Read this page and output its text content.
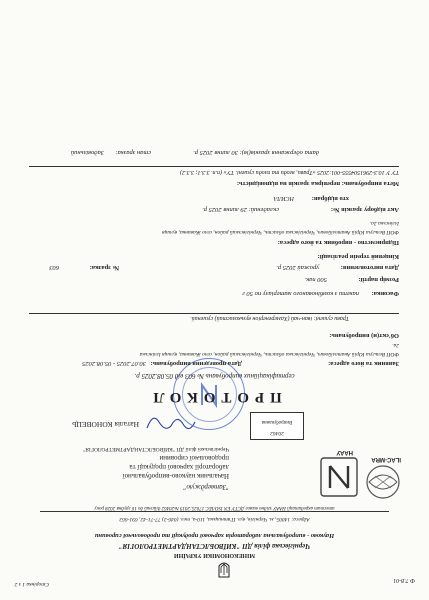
Ф 7.8-01
Сторінка 1 з 2
МІНЕКОНОМІКИ УКРАЇНИ
Чернігівська філія ДП "КИЇВОБЛСТАНДАРТМЕТРОЛОГІЯ"
Науково - випробувальна лабораторія харчової продукції та продовольчої сировини
Адреса: 14005, м. Чернігів, вул. П'ятницька, 110-а, тел. (046-2) 77-71-42, 691-663
атестат акредитації НААУ згідно вимог ДСТУ EN ISO/IEC 17025:2019 №20462 дійсний до 16 грудня 2028 року
ILAC-MRA
НААУ
"Затверджую"
Начальник науково-випробувальної
лабораторії харчової продукції та
продовольчої сировини
Чернігівської філії ДП "КИЇВОБЛСТАНДАРТМЕТРОЛОГІЯ"
20462
Випробування
Наталія КОНОВЕЦЬ
ПРОТОКОЛ
сертифікаційних випробувань № 603 від 05.08.2025 р.
Заявник та його адреса:
Дата проведення випробувань:
30.07.2025 - 05.08.2025
ФОП Вельгуш Юрій Анатолійович, Чернігівська область, Чернігівський район, село Жавинка, вулиця Іллінська
2а.
Об'єкт(и) випробувань:
Трави сушені: іван-чай (Хамеренеріон вузьколистий) сушений.
Фасовка:
пакети з комбінованого матеріалу по 50 г
Розмір партії:
500 пак.
Дата виготовлення:
урожай 2025 р.
№ зразка:
603
Кінцевий термін реалізації:
Підприємство - виробник та його адреса:
ФОП Вельгуш Юрій Анатолійович, Чернігівська область, Чернігівський район, село Жавинка, вулиця
Іллінська 2а.
Акт відбору зразків №:
складений: 29 липня 2025 р.
хто відібрав:
НСИЛА
Мета випробувань: перевірка зразків на відповідність:
ТУ У 10.3-2961504555-001:2025 «Трави, ягоди та плоди сушені. ТУ» (п.п. 3.3.1; 3.3.2)
дата одержання зразків(ів): 30 липня 2025 р.
стан зразка:
Задовільний
